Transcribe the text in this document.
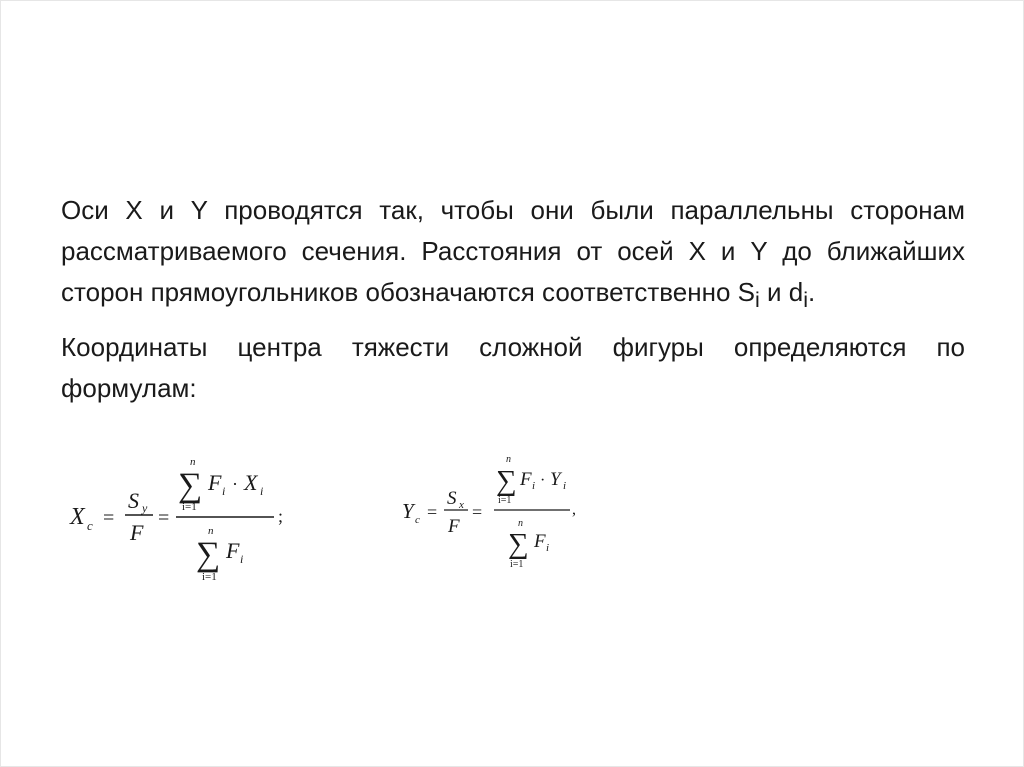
Оси X и Y проводятся так, чтобы они были параллельны сторонам рассматриваемого сечения. Расстояния от осей X и Y до ближайших сторон прямоугольников обозначаются соответственно $S_i$ и $d_i$.

Координаты центра тяжести сложной фигуры определяются по формулам:

X c =
S y
F
=
n
∑
i=1
F i · X i
n
∑
i=1
F i
;	Y c =
S x
F
=
n
∑
i=1
F i · Y i
n
∑
i=1
F i
,
